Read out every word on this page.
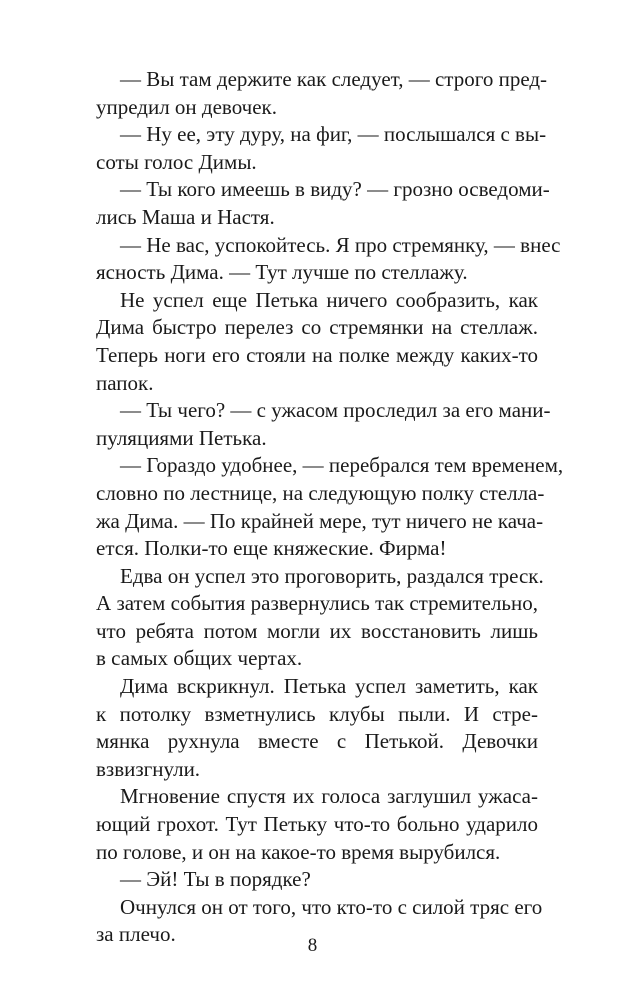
— Вы там держите как следует, — строго пред-
упредил он девочек.
— Ну ее, эту дуру, на фиг, — послышался с вы-
соты голос Димы.
— Ты кого имеешь в виду? — грозно осведоми-
лись Маша и Настя.
— Не вас, успокойтесь. Я про стремянку, — внес
ясность Дима. — Тут лучше по стеллажу.
Не успел еще Петька ничего сообразить, как
Дима быстро перелез со стремянки на стеллаж.
Теперь ноги его стояли на полке между каких-то
папок.
— Ты чего? — с ужасом проследил за его мани-
пуляциями Петька.
— Гораздо удобнее, — перебрался тем временем,
словно по лестнице, на следующую полку стелла-
жа Дима. — По крайней мере, тут ничего не кача-
ется. Полки-то еще княжеские. Фирма!
Едва он успел это проговорить, раздался треск.
А затем события развернулись так стремительно,
что ребята потом могли их восстановить лишь
в самых общих чертах.
Дима вскрикнул. Петька успел заметить, как
к потолку взметнулись клубы пыли. И стре-
мянка рухнула вместе с Петькой. Девочки
взвизгнули.
Мгновение спустя их голоса заглушил ужаса-
ющий грохот. Тут Петьку что-то больно ударило
по голове, и он на какое-то время вырубился.
— Эй! Ты в порядке?
Очнулся он от того, что кто-то с силой тряс его
за плечо.	8
